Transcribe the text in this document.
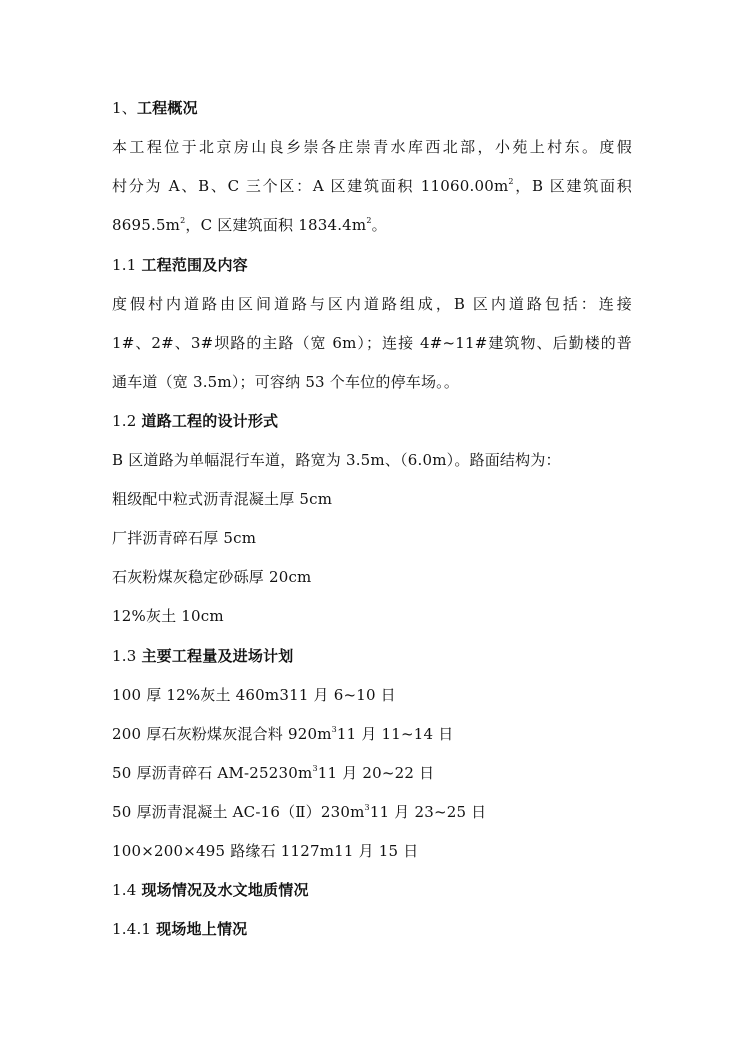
1、工程概况
本工程位于北京房山良乡崇各庄崇青水库西北部，小苑上村东。度假
村分为 A、B、C 三个区：A 区建筑面积 $11060.00m^2$，B 区建筑面积
$8695.5m^2$，C 区建筑面积 $1834.4m^2$。
1.1 工程范围及内容
度假村内道路由区间道路与区内道路组成，B 区内道路包括：连接
1#、2#、3#坝路的主路（宽 6m）；连接 4#~11#建筑物、后勤楼的普
通车道（宽 3.5m）；可容纳 53 个车位的停车场。。
1.2 道路工程的设计形式
B 区道路为单幅混行车道，路宽为 3.5m、（6.0m）。路面结构为：
粗级配中粒式沥青混凝土厚 5cm
厂拌沥青碎石厚 5cm
石灰粉煤灰稳定砂砾厚 20cm
12%灰土 10cm
1.3 主要工程量及进场计划
100 厚 12%灰土 460m311 月 6~10 日
200 厚石灰粉煤灰混合料 $920m^311$ 月 11~14 日
50 厚沥青碎石 $AM-25230m^311$ 月 20~22 日
50 厚沥青混凝土 $AC-16(Ⅱ)230m^311$ 月 23~25 日
100×200×495 路缘石 1127m11 月 15 日
1.4 现场情况及水文地质情况
1.4.1 现场地上情况
